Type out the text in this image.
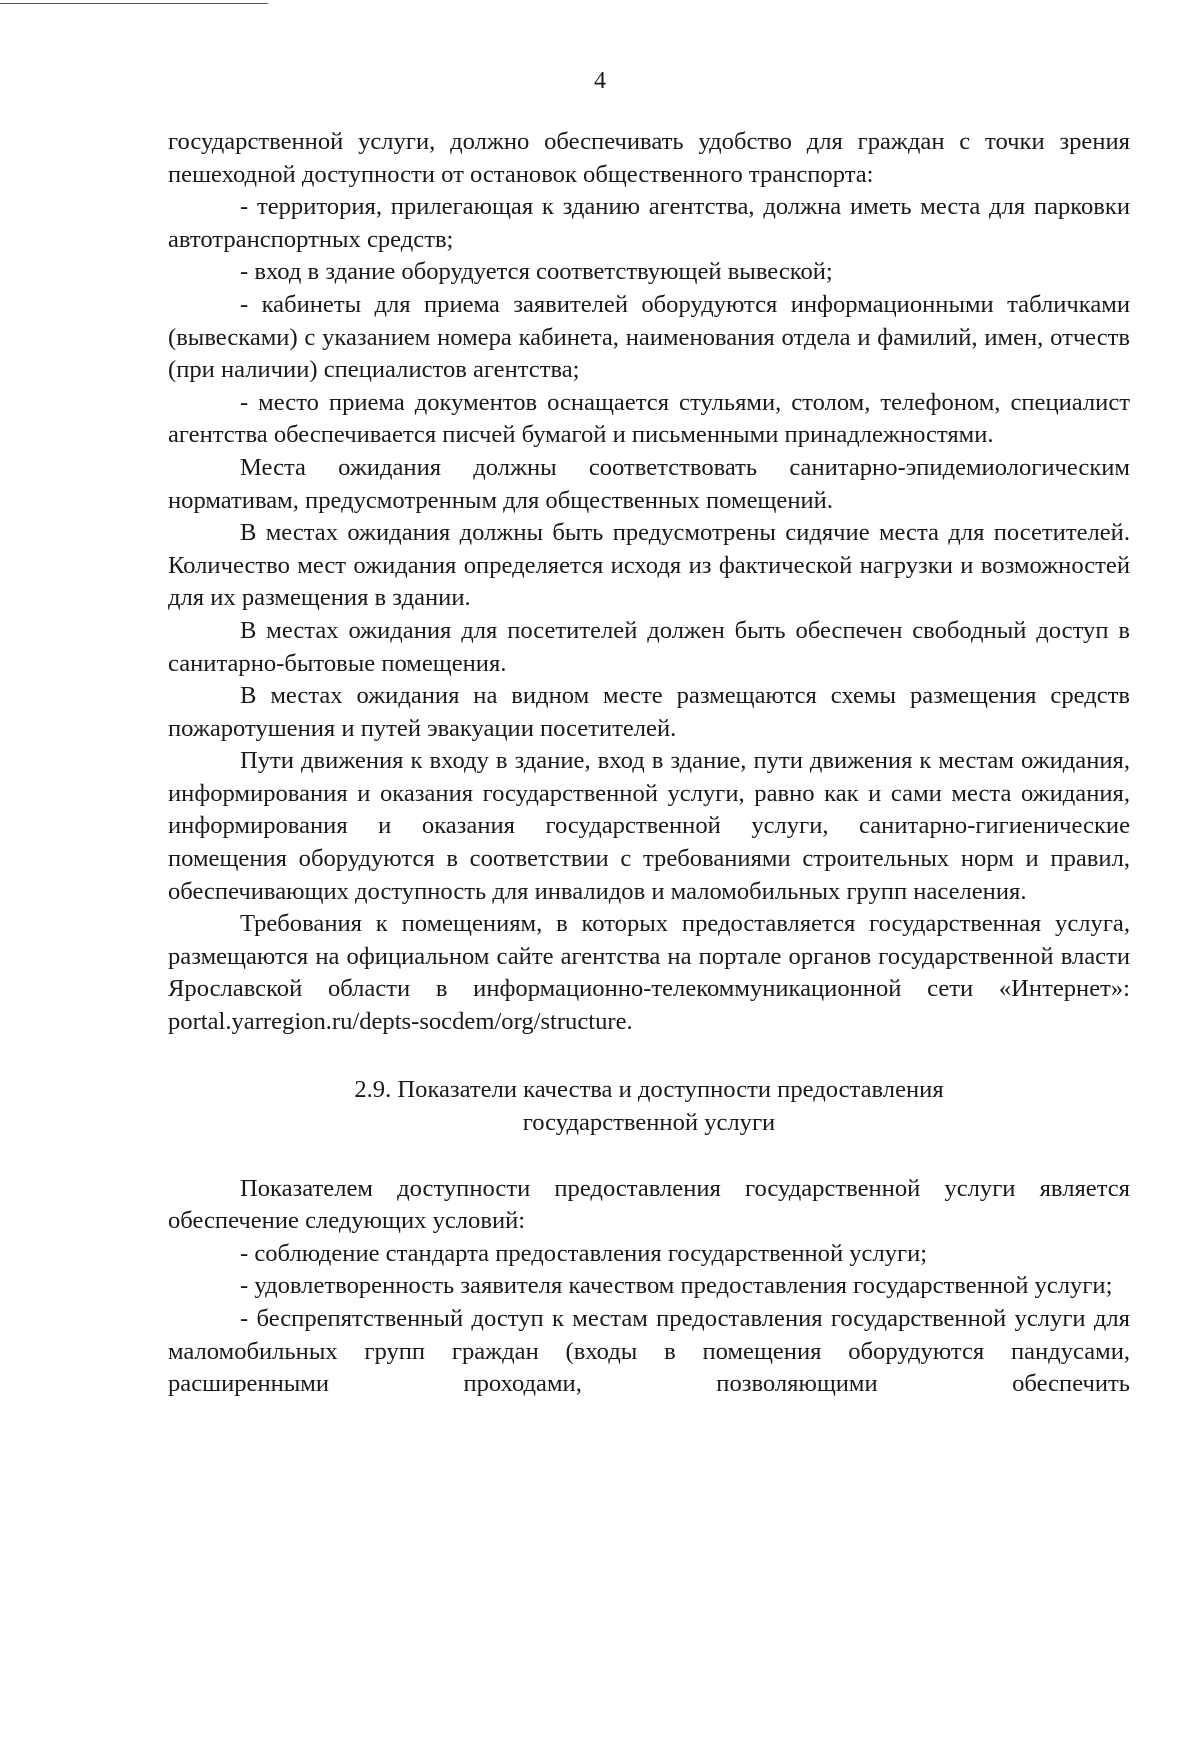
4

государственной услуги, должно обеспечивать удобство для граждан с точки зрения пешеходной доступности от остановок общественного транспорта:

- территория, прилегающая к зданию агентства, должна иметь места для парковки автотранспортных средств;

- вход в здание оборудуется соответствующей вывеской;

- кабинеты для приема заявителей оборудуются информационными табличками (вывесками) с указанием номера кабинета, наименования отдела и фамилий, имен, отчеств (при наличии) специалистов агентства;

- место приема документов оснащается стульями, столом, телефоном, специалист агентства обеспечивается писчей бумагой и письменными принадлежностями.

Места ожидания должны соответствовать санитарно-эпидемиологическим нормативам, предусмотренным для общественных помещений.

В местах ожидания должны быть предусмотрены сидячие места для посетителей. Количество мест ожидания определяется исходя из фактической нагрузки и возможностей для их размещения в здании.

В местах ожидания для посетителей должен быть обеспечен свободный доступ в санитарно-бытовые помещения.

В местах ожидания на видном месте размещаются схемы размещения средств пожаротушения и путей эвакуации посетителей.

Пути движения к входу в здание, вход в здание, пути движения к местам ожидания, информирования и оказания государственной услуги, равно как и сами места ожидания, информирования и оказания государственной услуги, санитарно-гигиенические помещения оборудуются в соответствии с требованиями строительных норм и правил, обеспечивающих доступность для инвалидов и маломобильных групп населения.

Требования к помещениям, в которых предоставляется государственная услуга, размещаются на официальном сайте агентства на портале органов государственной власти Ярославской области в информационно-телекоммуникационной сети «Интернет»: portal.yarregion.ru/depts-socdem/org/structure.

2.9. Показатели качества и доступности предоставления
государственной услуги

Показателем доступности предоставления государственной услуги является обеспечение следующих условий:

- соблюдение стандарта предоставления государственной услуги;

- удовлетворенность заявителя качеством предоставления государственной услуги;

- беспрепятственный доступ к местам предоставления государственной услуги для маломобильных групп граждан (входы в помещения оборудуются пандусами, расширенными проходами, позволяющими обеспечить
